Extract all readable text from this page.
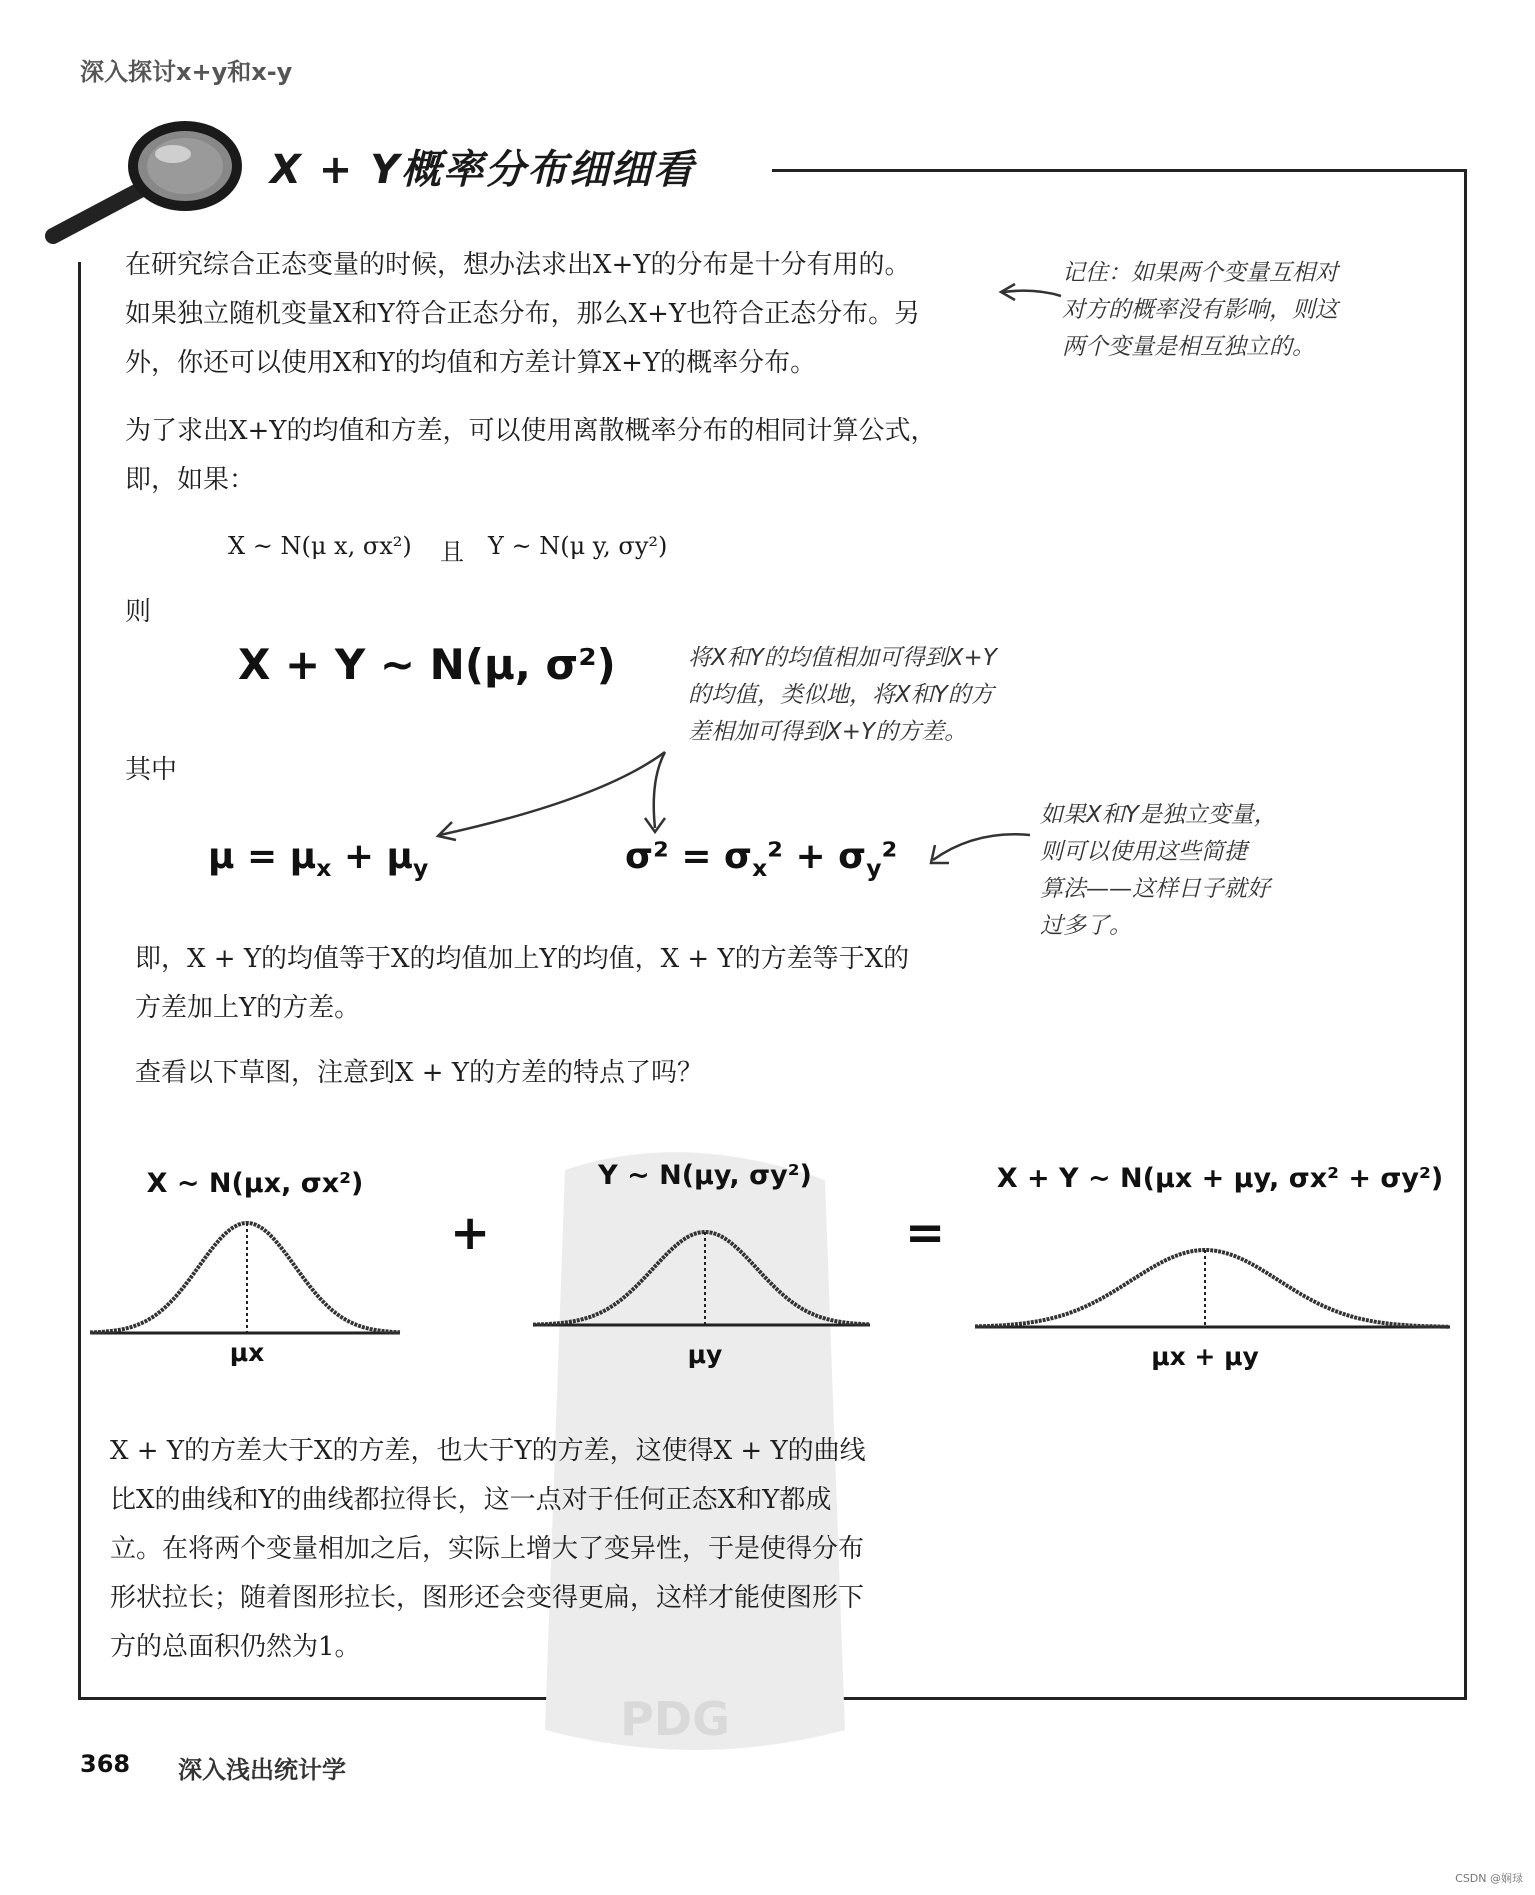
深入探讨x+y和x-y
X + Y概率分布细细看
PDG
在研究综合正态变量的时候，想办法求出X+Y的分布是十分有用的。
如果独立随机变量X和Y符合正态分布，那么X+Y也符合正态分布。另
外，你还可以使用X和Y的均值和方差计算X+Y的概率分布。
记住：如果两个变量互相对
对方的概率没有影响，则这
两个变量是相互独立的。
为了求出X+Y的均值和方差，可以使用离散概率分布的相同计算公式，
即，如果：
X ~ N(μ x, σx²) 且 Y ~ N(μ y, σy²)
则
X + Y ~ N(μ, σ²)	将X和Y的均值相加可得到X+Y
的均值，类似地，将X和Y的方
差相加可得到X+Y的方差。
其中
$\mu = \mu_x + \mu_y$	$\sigma^2 = \sigma_x^2 + \sigma_y^2$
如果X和Y是独立变量，
则可以使用这些简捷
算法——这样日子就好
过多了。
即，X + Y的均值等于X的均值加上Y的均值，X + Y的方差等于X的
方差加上Y的方差。
查看以下草图，注意到X + Y的方差的特点了吗？
X ~ N(μx, σx²)	Y ~ N(μy, σy²)	X + Y ~ N(μx + μy, σx² + σy²)
+	=
μx	μy	μx + μy
X + Y的方差大于X的方差，也大于Y的方差，这使得X + Y的曲线
比X的曲线和Y的曲线都拉得长，这一点对于任何正态X和Y都成
立。在将两个变量相加之后，实际上增大了变异性，于是使得分布
形状拉长；随着图形拉长，图形还会变得更扁，这样才能使图形下
方的总面积仍然为1。
368 深入浅出统计学
CSDN @娴琭
